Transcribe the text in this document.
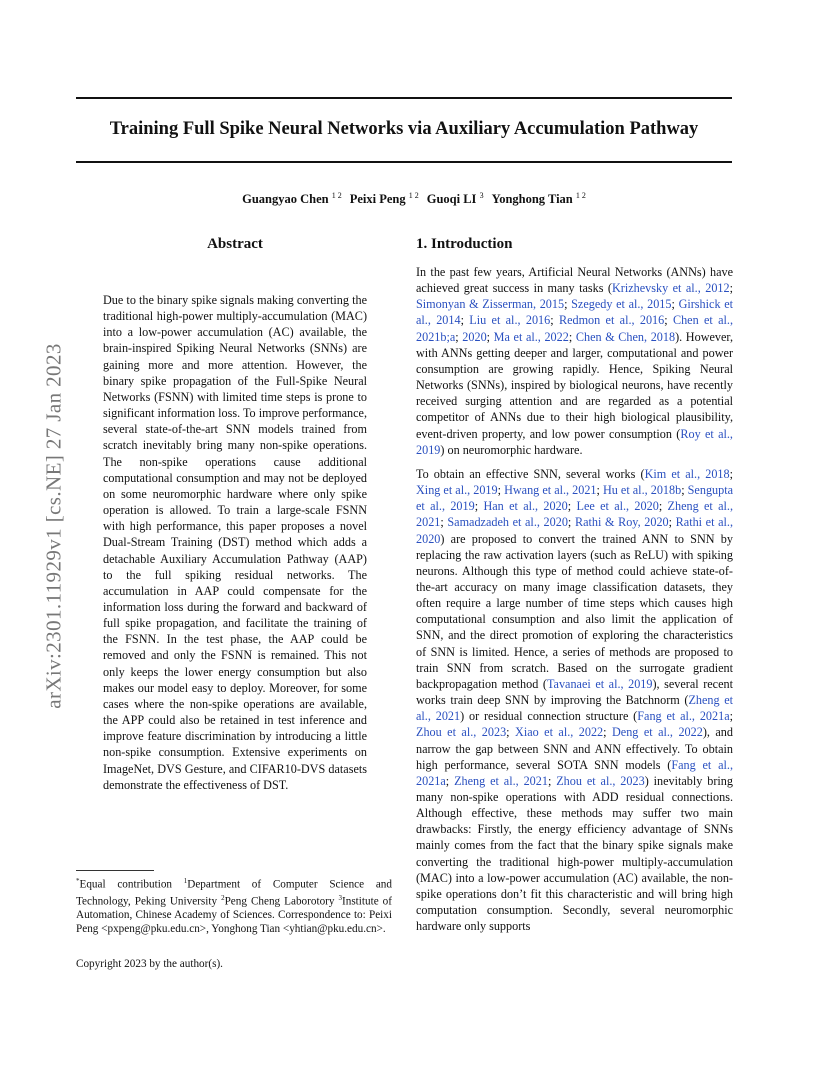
arXiv:2301.11929v1 [cs.NE] 27 Jan 2023
Training Full Spike Neural Networks via Auxiliary Accumulation Pathway
Guangyao Chen $^{1 2}$ Peixi Peng $^{1 2}$ Guoqi LI $^3$ Yonghong Tian $^{1 2}$
Abstract

Due to the binary spike signals making converting the traditional high-power multiply-accumulation (MAC) into a low-power accumulation (AC) available, the brain-inspired Spiking Neural Networks (SNNs) are gaining more and more attention. However, the binary spike propagation of the Full-Spike Neural Networks (FSNN) with limited time steps is prone to significant information loss. To improve performance, several state-of-the-art SNN models trained from scratch inevitably bring many non-spike operations. The non-spike operations cause additional computational consumption and may not be deployed on some neuromorphic hardware where only spike operation is allowed. To train a large-scale FSNN with high performance, this paper proposes a novel Dual-Stream Training (DST) method which adds a detachable Auxiliary Accumulation Pathway (AAP) to the full spiking residual networks. The accumulation in AAP could compensate for the information loss during the forward and backward of full spike propagation, and facilitate the training of the FSNN. In the test phase, the AAP could be removed and only the FSNN is remained. This not only keeps the lower energy consumption but also makes our model easy to deploy. Moreover, for some cases where the non-spike operations are available, the APP could also be retained in test inference and improve feature discrimination by introducing a little non-spike consumption. Extensive experiments on ImageNet, DVS Gesture, and CIFAR10-DVS datasets demonstrate the effectiveness of DST.

1. Introduction

In the past few years, Artificial Neural Networks (ANNs) have achieved great success in many tasks (Krizhevsky et al., 2012; Simonyan & Zisserman, 2015; Szegedy et al., 2015; Girshick et al., 2014; Liu et al., 2016; Redmon et al., 2016; Chen et al., 2021b;a; 2020; Ma et al., 2022; Chen & Chen, 2018). However, with ANNs getting deeper and larger, computational and power consumption are growing rapidly. Hence, Spiking Neural Networks (SNNs), inspired by biological neurons, have recently received surging attention and are regarded as a potential competitor of ANNs due to their high biological plausibility, event-driven property, and low power consumption (Roy et al., 2019) on neuromorphic hardware.

To obtain an effective SNN, several works (Kim et al., 2018; Xing et al., 2019; Hwang et al., 2021; Hu et al., 2018b; Sengupta et al., 2019; Han et al., 2020; Lee et al., 2020; Zheng et al., 2021; Samadzadeh et al., 2020; Rathi & Roy, 2020; Rathi et al., 2020) are proposed to convert the trained ANN to SNN by replacing the raw activation layers (such as ReLU) with spiking neurons. Although this type of method could achieve state-of-the-art accuracy on many image classification datasets, they often require a large number of time steps which causes high computational consumption and also limit the application of SNN, and the direct promotion of exploring the characteristics of SNN is limited. Hence, a series of methods are proposed to train SNN from scratch. Based on the surrogate gradient backpropagation method (Tavanaei et al., 2019), several recent works train deep SNN by improving the Batchnorm (Zheng et al., 2021) or residual connection structure (Fang et al., 2021a; Zhou et al., 2023; Xiao et al., 2022; Deng et al., 2022), and narrow the gap between SNN and ANN effectively. To obtain high performance, several SOTA SNN models (Fang et al., 2021a; Zheng et al., 2021; Zhou et al., 2023) inevitably bring many non-spike operations with ADD residual connections. Although effective, these methods may suffer two main drawbacks: Firstly, the energy efficiency advantage of SNNs mainly comes from the fact that the binary spike signals make converting the traditional high-power multiply-accumulation (MAC) into a low-power accumulation (AC) available, the non-spike operations don’t fit this characteristic and will bring high computation consumption. Secondly, several neuromorphic hardware only supports

*Equal contribution $^1$Department of Computer Science and Technology, Peking University $^2$Peng Cheng Laborotory $^3$Institute of Automation, Chinese Academy of Sciences. Correspondence to: Peixi Peng <pxpeng@pku.edu.cn>, Yonghong Tian <yhtian@pku.edu.cn>.
Copyright 2023 by the author(s).
